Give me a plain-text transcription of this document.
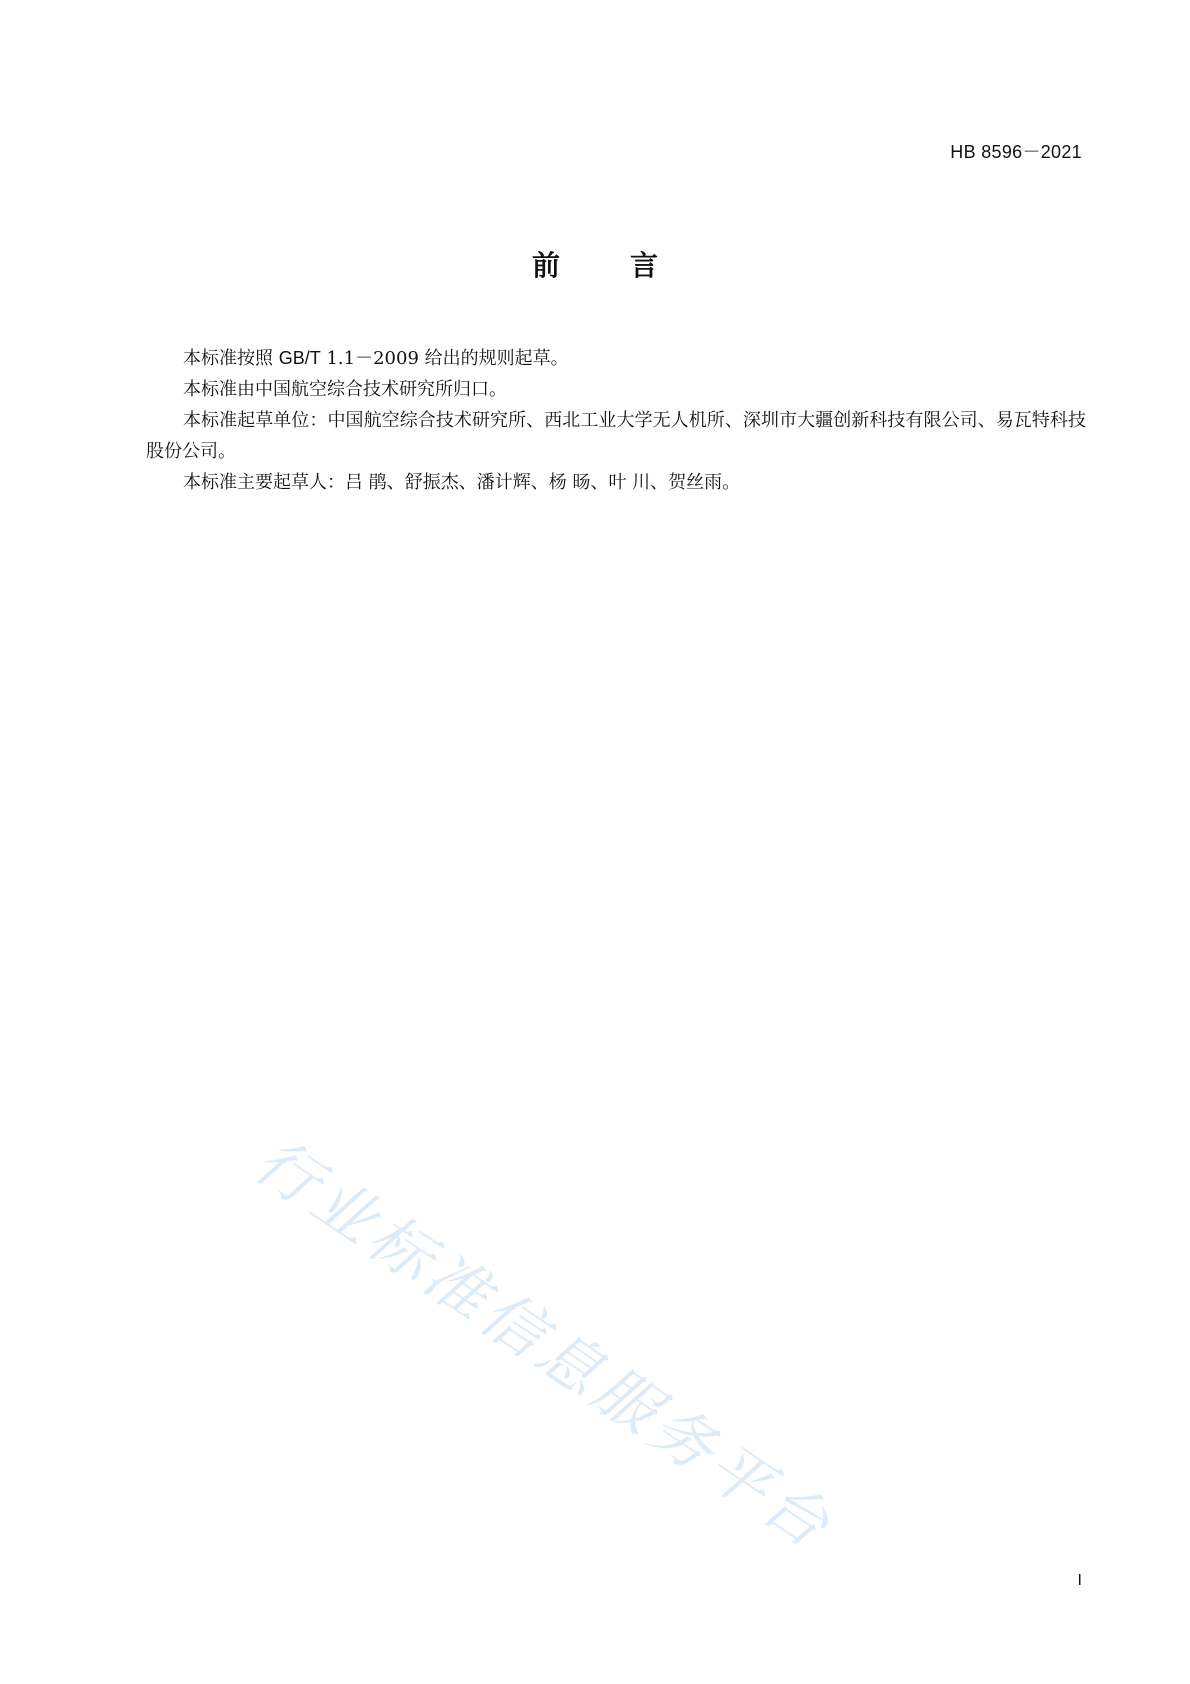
HB 8596－2021
前	言

本标准按照 GB/T 1.1－2009 给出的规则起草。

本标准由中国航空综合技术研究所归口。

本标准起草单位：中国航空综合技术研究所、西北工业大学无人机所、深圳市大疆创新科技有限公司、易瓦特科技股份公司。

本标准主要起草人：吕 鹃、舒振杰、潘计辉、杨 旸、叶 川、贺丝雨。

行业标准信息服务平台
I
